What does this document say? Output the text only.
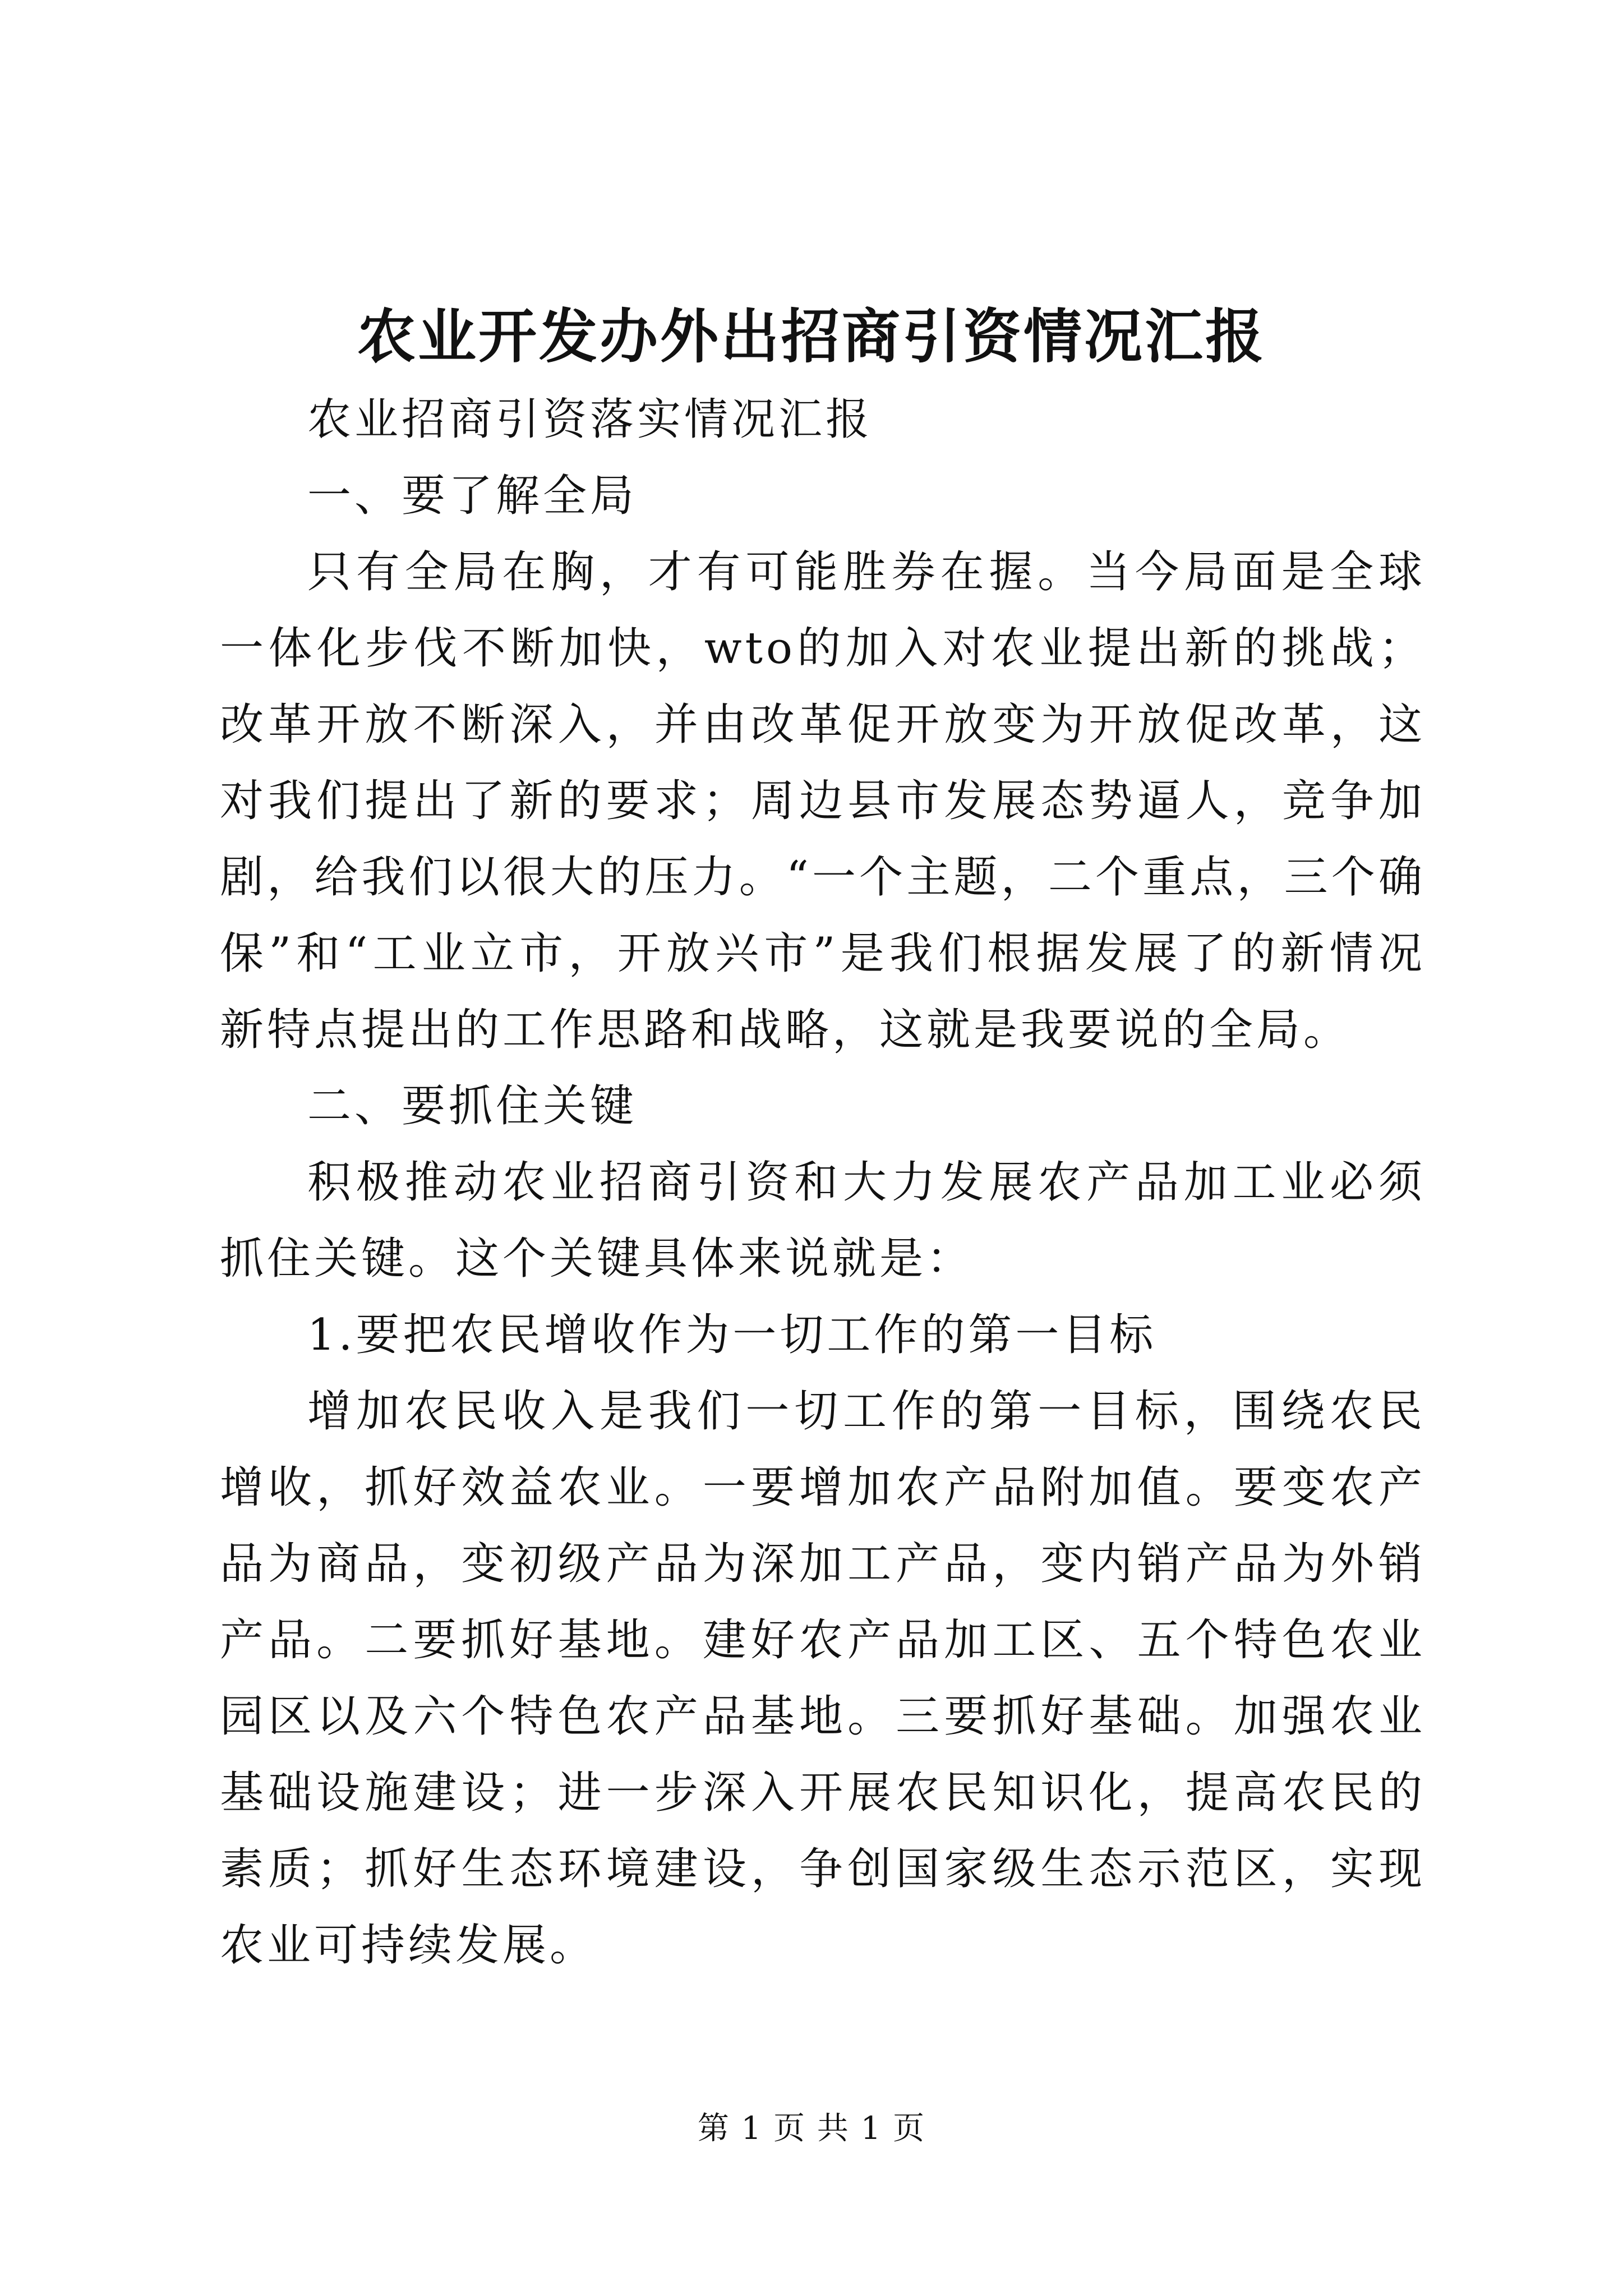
农业开发办外出招商引资情况汇报

农业招商引资落实情况汇报

一、要了解全局

只有全局在胸，才有可能胜券在握。当今局面是全球一体化步伐不断加快，wto的加入对农业提出新的挑战；改革开放不断深入，并由改革促开放变为开放促改革，这对我们提出了新的要求；周边县市发展态势逼人，竞争加剧，给我们以很大的压力。“一个主题，二个重点，三个确保”和“工业立市，开放兴市”是我们根据发展了的新情况新特点提出的工作思路和战略，这就是我要说的全局。

二、要抓住关键

积极推动农业招商引资和大力发展农产品加工业必须抓住关键。这个关键具体来说就是：

1.要把农民增收作为一切工作的第一目标

增加农民收入是我们一切工作的第一目标，围绕农民增收，抓好效益农业。一要增加农产品附加值。要变农产品为商品，变初级产品为深加工产品，变内销产品为外销产品。二要抓好基地。建好农产品加工区、五个特色农业园区以及六个特色农产品基地。三要抓好基础。加强农业基础设施建设；进一步深入开展农民知识化，提高农民的素质；抓好生态环境建设，争创国家级生态示范区，实现农业可持续发展。

第 1 页 共 1 页
